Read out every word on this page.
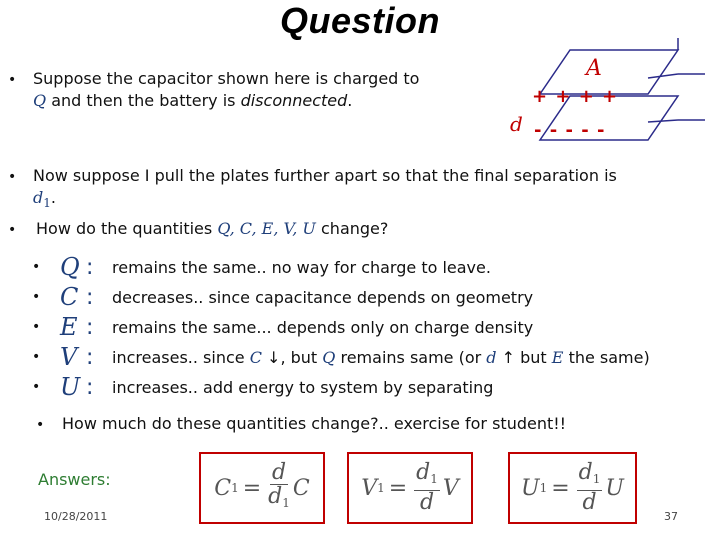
Question
• Suppose the capacitor shown here is charged to Q and then the battery is disconnected.
A
+ + + +
- - - - -
d
• Now suppose I pull the plates further apart so that the final separation is $d_1$.
• How do the quantities Q, C, E, V, U change?
• Q : remains the same.. no way for charge to leave.
• C : decreases.. since capacitance depends on geometry
• E : remains the same... depends only on charge density
• V : increases.. since C ↓, but Q remains same (or d ↑ but E the same)
• U : increases.. add energy to system by separating
• How much do these quantities change?.. exercise for student!!
Answers:	C $1 = \frac{d}{d_1}$ C V $1 = \frac{d_1}{d}$ V	U $1 = \frac{d_1}{d}$ U
10/28/2011	37
